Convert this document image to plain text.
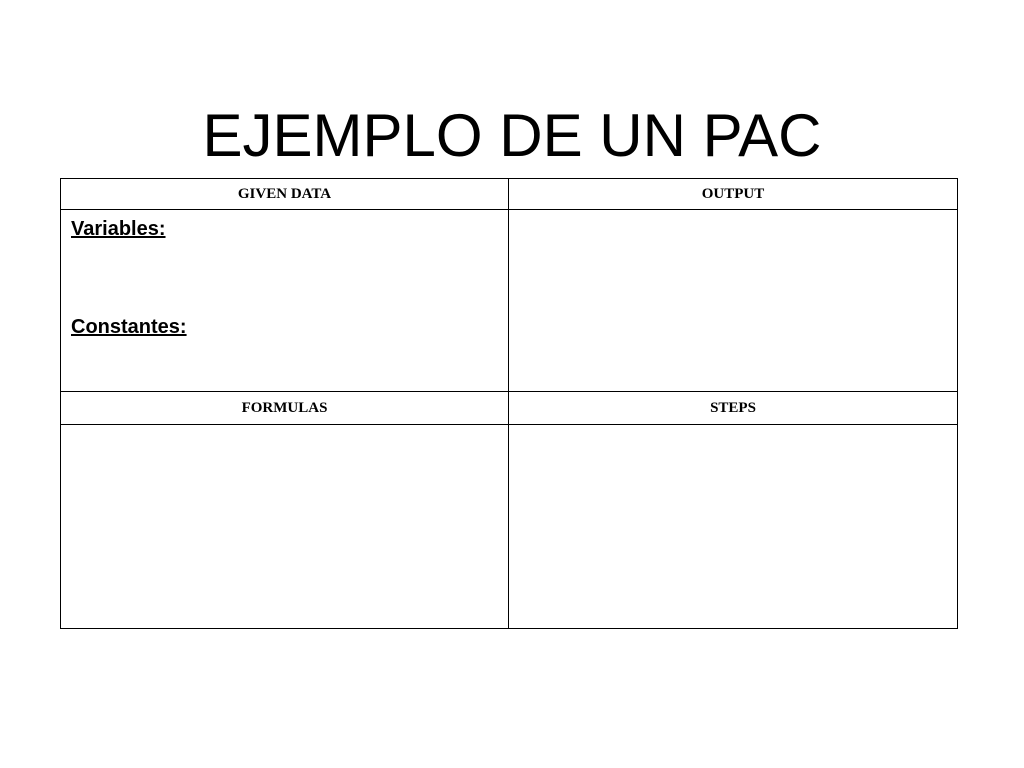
EJEMPLO DE UN PAC
GIVEN DATA	OUTPUT

Variables:
Constantes:	

FORMULAS	STEPS
